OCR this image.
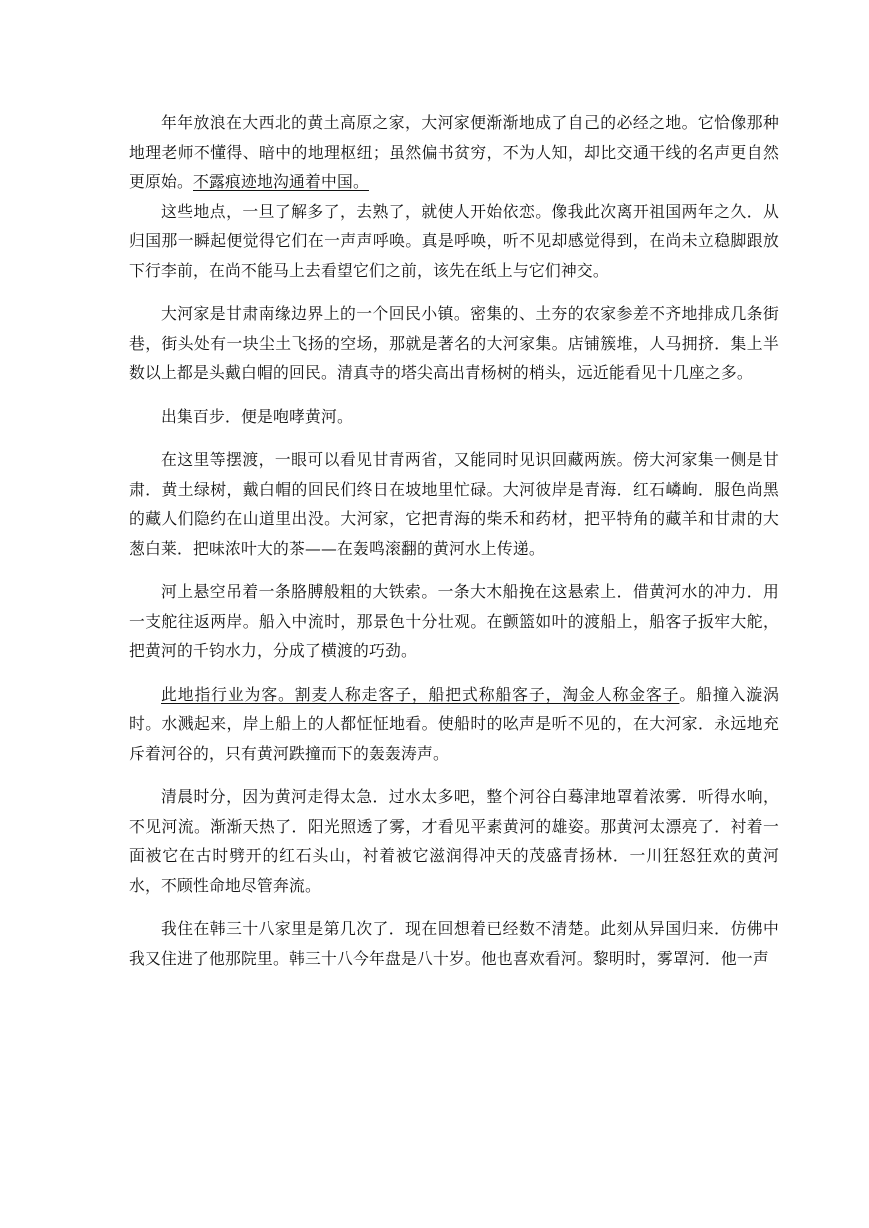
年年放浪在大西北的黄土高原之家，大河家便渐渐地成了自己的必经之地。它恰像那种地理老师不懂得、暗中的地理枢纽；虽然偏书贫穷，不为人知，却比交通干线的名声更自然更原始。不露痕迹地沟通着中国。

这些地点，一旦了解多了，去熟了，就使人开始依恋。像我此次离开祖国两年之久．从归国那一瞬起便觉得它们在一声声呼唤。真是呼唤，听不见却感觉得到，在尚未立稳脚跟放下行李前，在尚不能马上去看望它们之前，该先在纸上与它们神交。

大河家是甘肃南缘边界上的一个回民小镇。密集的、土夯的农家参差不齐地排成几条街巷，街头处有一块尘土飞扬的空场，那就是著名的大河家集。店铺簇堆，人马拥挤．集上半数以上都是头戴白帽的回民。清真寺的塔尖高出青杨树的梢头，远近能看见十几座之多。

出集百步．便是咆哮黄河。

在这里等摆渡，一眼可以看见甘青两省，又能同时见识回藏两族。傍大河家集一侧是甘肃．黄土绿树，戴白帽的回民们终日在坡地里忙碌。大河彼岸是青海．红石嶙峋．服色尚黑的藏人们隐约在山道里出没。大河家，它把青海的柴禾和药材，把平特角的藏羊和甘肃的大葱白莱．把味浓叶大的茶——在轰鸣滚翻的黄河水上传递。

河上悬空吊着一条胳膊般粗的大铁索。一条大木船挽在这悬索上．借黄河水的冲力．用一支舵往返两岸。船入中流时，那景色十分壮观。在颤篮如叶的渡船上，船客子扳牢大舵，把黄河的千钧水力，分成了横渡的巧劲。

此地指行业为客。割麦人称走客子，船把式称船客子，淘金人称金客子。船撞入漩涡时。水溅起来，岸上船上的人都怔怔地看。使船时的吆声是听不见的，在大河家．永远地充斥着河谷的，只有黄河跌撞而下的轰轰涛声。

清晨时分，因为黄河走得太急．过水太多吧，整个河谷白蓦津地罩着浓雾．听得水响，不见河流。渐渐天热了．阳光照透了雾，才看见平素黄河的雄姿。那黄河太漂亮了．衬着一面被它在古时劈开的红石头山，衬着被它滋润得冲天的茂盛青扬林．一川狂怒狂欢的黄河水，不顾性命地尽管奔流。

我住在韩三十八家里是第几次了．现在回想着已经数不清楚。此刻从异国归来．仿佛中我又住进了他那院里。韩三十八今年盘是八十岁。他也喜欢看河。黎明时，雾罩河．他一声
